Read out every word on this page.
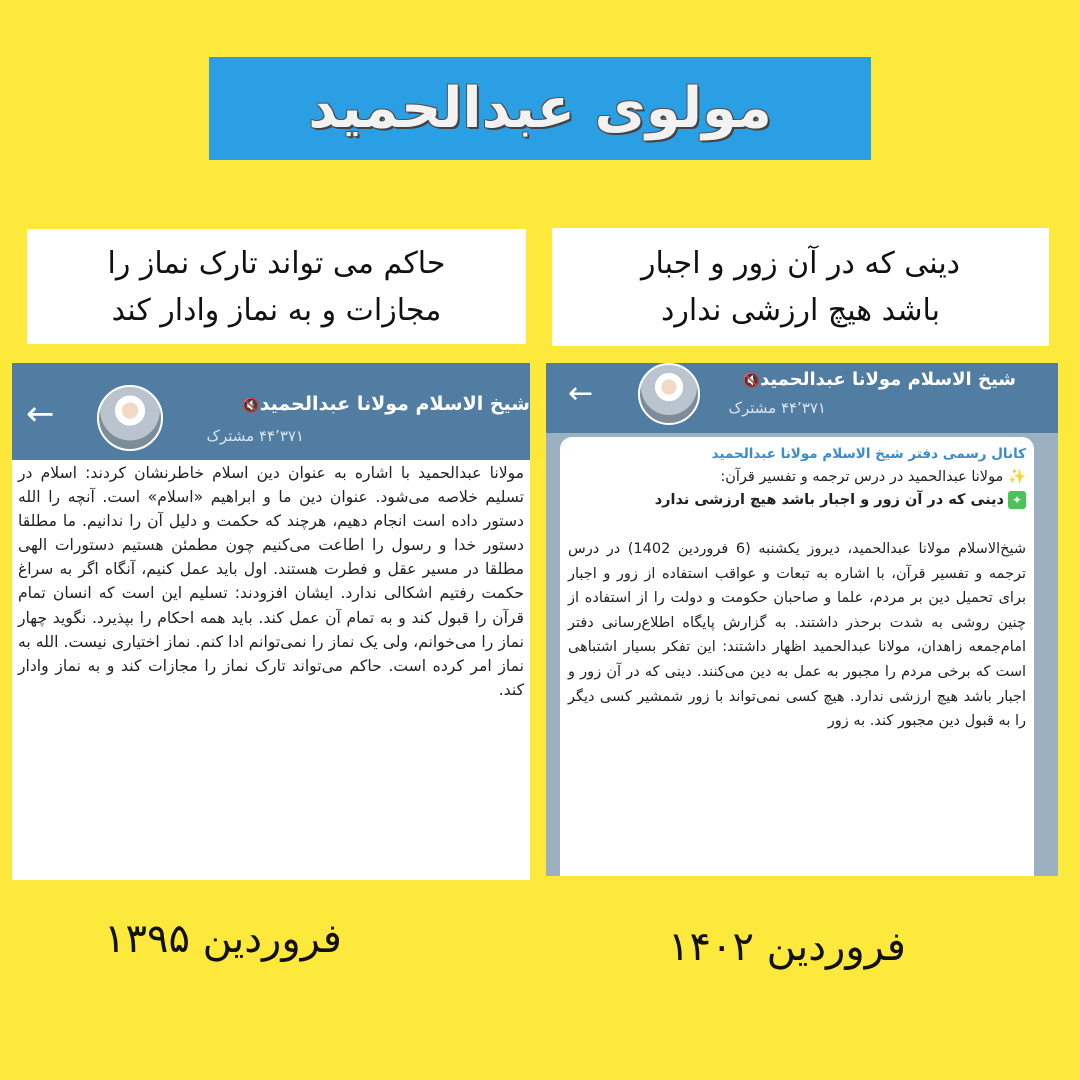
مولوی عبدالحمید
حاکم می تواند تارک نماز را
مجازات و به نماز وادار کند
دینی که در آن زور و اجبار
باشد هیچ ارزشی ندارد
←	شیخ الاسلام مولانا عبدالحمید🔇
۴۴٬۳۷۱ مشترک
مولانا عبدالحمید با اشاره به عنوان دین اسلام خاطرنشان کردند: اسلام در تسلیم خلاصه می‌شود. عنوان دین ما و ابراهیم «اسلام» است. آنچه را الله دستور داده است انجام دهیم، هرچند که حکمت و دلیل آن را ندانیم. ما مطلقا دستور خدا و رسول را اطاعت می‌کنیم چون مطمئن هستیم دستورات الهی مطلقا در مسیر عقل و فطرت هستند. اول باید عمل کنیم، آنگاه اگر به سراغ حکمت رفتیم اشکالی ندارد. ایشان افزودند: تسلیم این است که انسان تمام قرآن را قبول کند و به تمام آن عمل کند. باید همه احکام را بپذیرد. نگوید چهار نماز را می‌خوانم، ولی یک نماز را نمی‌توانم ادا کنم. نماز اختیاری نیست. الله به نماز امر کرده است. حاکم می‌تواند تارک نماز را مجازات کند و به نماز وادار کند.
←	شیخ الاسلام مولانا عبدالحمید🔇
۴۴٬۳۷۱ مشترک
کانال رسمی دفتر شیخ الاسلام مولانا عبدالحمید
✨ مولانا عبدالحمید در درس ترجمه و تفسیر قرآن:
✦دینی که در آن زور و اجبار باشد هیچ ارزشی ندارد
شیخ‌الاسلام مولانا عبدالحمید، دیروز یکشنبه (6 فروردین 1402) در درس ترجمه و تفسیر قرآن، با اشاره به تبعات و عواقب استفاده از زور و اجبار برای تحمیل دین بر مردم، علما و صاحبان حکومت و دولت را از استفاده از چنین روشی به شدت برحذر داشتند. به گزارش پایگاه اطلاع‌رسانی دفتر امام‌جمعه زاهدان، مولانا عبدالحمید اظهار داشتند: این تفکر بسیار اشتباهی است که برخی مردم را مجبور به عمل به دین می‌کنند. دینی که در آن زور و اجبار باشد هیچ ارزشی ندارد. هیچ کسی نمی‌تواند با زور شمشیر کسی دیگر را به قبول دین مجبور کند. به زور
فروردین ۱۳۹۵	فروردین ۱۴۰۲
